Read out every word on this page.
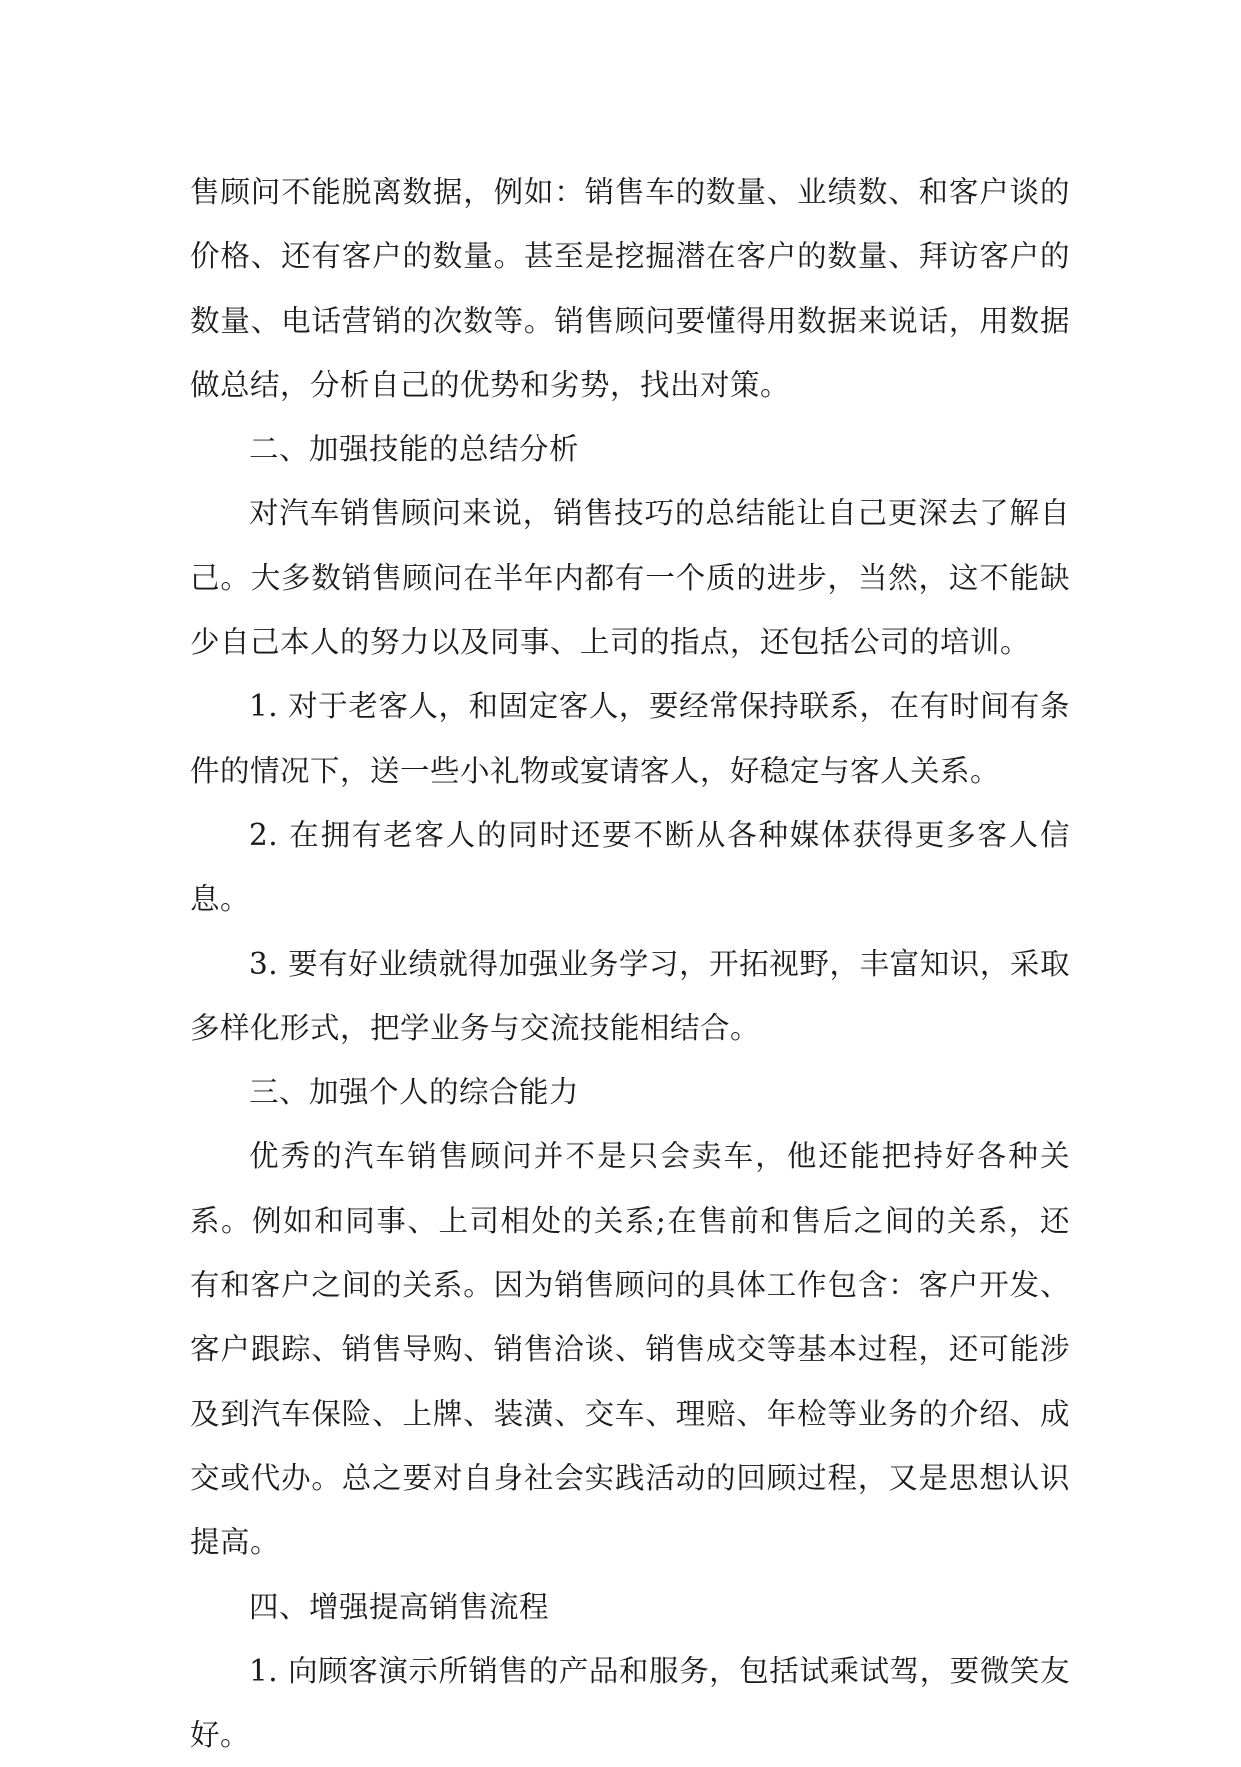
售顾问不能脱离数据，例如：销售车的数量、业绩数、和客户谈的价格、还有客户的数量。甚至是挖掘潜在客户的数量、拜访客户的数量、电话营销的次数等。销售顾问要懂得用数据来说话，用数据做总结，分析自己的优势和劣势，找出对策。

二、加强技能的总结分析

对汽车销售顾问来说，销售技巧的总结能让自己更深去了解自己。大多数销售顾问在半年内都有一个质的进步，当然，这不能缺少自己本人的努力以及同事、上司的指点，还包括公司的培训。

1. 对于老客人，和固定客人，要经常保持联系，在有时间有条件的情况下，送一些小礼物或宴请客人，好稳定与客人关系。

2. 在拥有老客人的同时还要不断从各种媒体获得更多客人信息。

3. 要有好业绩就得加强业务学习，开拓视野，丰富知识，采取多样化形式，把学业务与交流技能相结合。

三、加强个人的综合能力

优秀的汽车销售顾问并不是只会卖车，他还能把持好各种关系。例如和同事、上司相处的关系;在售前和售后之间的关系，还有和客户之间的关系。因为销售顾问的具体工作包含：客户开发、客户跟踪、销售导购、销售洽谈、销售成交等基本过程，还可能涉及到汽车保险、上牌、装潢、交车、理赔、年检等业务的介绍、成交或代办。总之要对自身社会实践活动的回顾过程，又是思想认识提高。

四、增强提高销售流程

1. 向顾客演示所销售的产品和服务，包括试乘试驾，要微笑友好。
